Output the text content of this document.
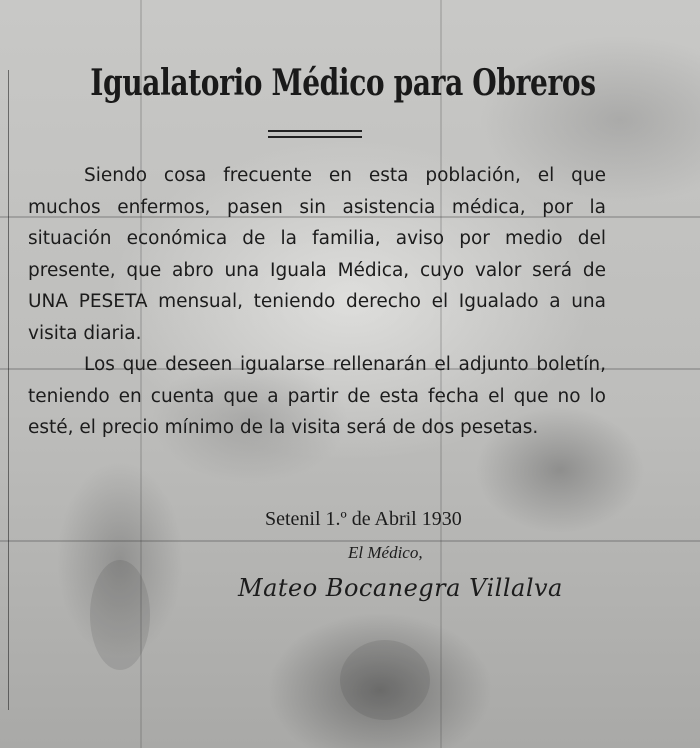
Igualatorio Médico para Obreros

Siendo cosa frecuente en esta población, el que muchos enfermos, pasen sin asistencia médica, por la situación económica de la familia, aviso por medio del presente, que abro una Iguala Médica, cuyo valor será de UNA PESETA mensual, teniendo derecho el Igualado a una visita diaria.

Los que deseen igualarse rellenarán el adjunto boletín, teniendo en cuenta que a partir de esta fecha el que no lo esté, el precio mínimo de la visita será de dos pesetas.

Setenil 1.º de Abril 1930
El Médico,
Mateo Bocanegra Villalva
